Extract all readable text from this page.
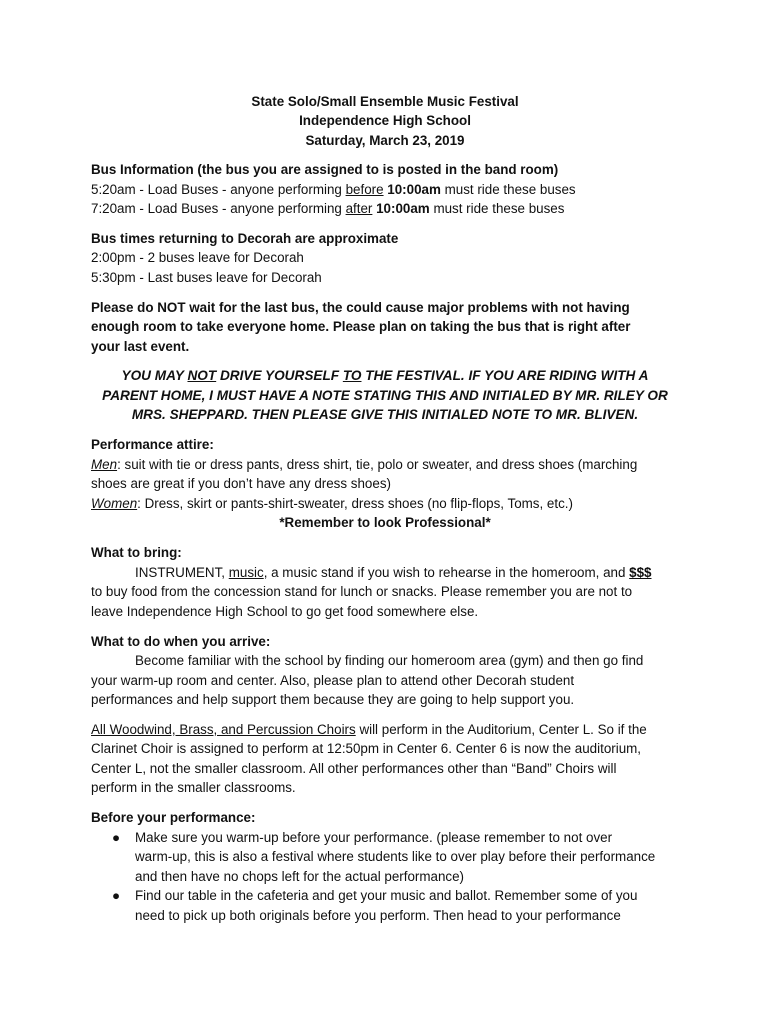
State Solo/Small Ensemble Music Festival
Independence High School
Saturday, March 23, 2019
Bus Information (the bus you are assigned to is posted in the band room)
5:20am - Load Buses - anyone performing before 10:00am must ride these buses
7:20am - Load Buses - anyone performing after 10:00am must ride these buses
Bus times returning to Decorah are approximate
2:00pm - 2 buses leave for Decorah
5:30pm - Last buses leave for Decorah
Please do NOT wait for the last bus, the could cause major problems with not having
enough room to take everyone home. Please plan on taking the bus that is right after
your last event.
YOU MAY NOT DRIVE YOURSELF TO THE FESTIVAL. IF YOU ARE RIDING WITH A
PARENT HOME, I MUST HAVE A NOTE STATING THIS AND INITIALED BY MR. RILEY OR
MRS. SHEPPARD. THEN PLEASE GIVE THIS INITIALED NOTE TO MR. BLIVEN.
Performance attire:
Men: suit with tie or dress pants, dress shirt, tie, polo or sweater, and dress shoes (marching
shoes are great if you don’t have any dress shoes)
Women: Dress, skirt or pants-shirt-sweater, dress shoes (no flip-flops, Toms, etc.)
*Remember to look Professional*
What to bring:
INSTRUMENT, music, a music stand if you wish to rehearse in the homeroom, and $$$
to buy food from the concession stand for lunch or snacks. Please remember you are not to
leave Independence High School to go get food somewhere else.
What to do when you arrive:
Become familiar with the school by finding our homeroom area (gym) and then go find
your warm-up room and center. Also, please plan to attend other Decorah student
performances and help support them because they are going to help support you.
All Woodwind, Brass, and Percussion Choirs will perform in the Auditorium, Center L. So if the
Clarinet Choir is assigned to perform at 12:50pm in Center 6. Center 6 is now the auditorium,
Center L, not the smaller classroom. All other performances other than “Band” Choirs will
perform in the smaller classrooms.
Before your performance:
● Make sure you warm-up before your performance. (please remember to not over
warm-up, this is also a festival where students like to over play before their performance
and then have no chops left for the actual performance)
● Find our table in the cafeteria and get your music and ballot. Remember some of you
need to pick up both originals before you perform. Then head to your performance
